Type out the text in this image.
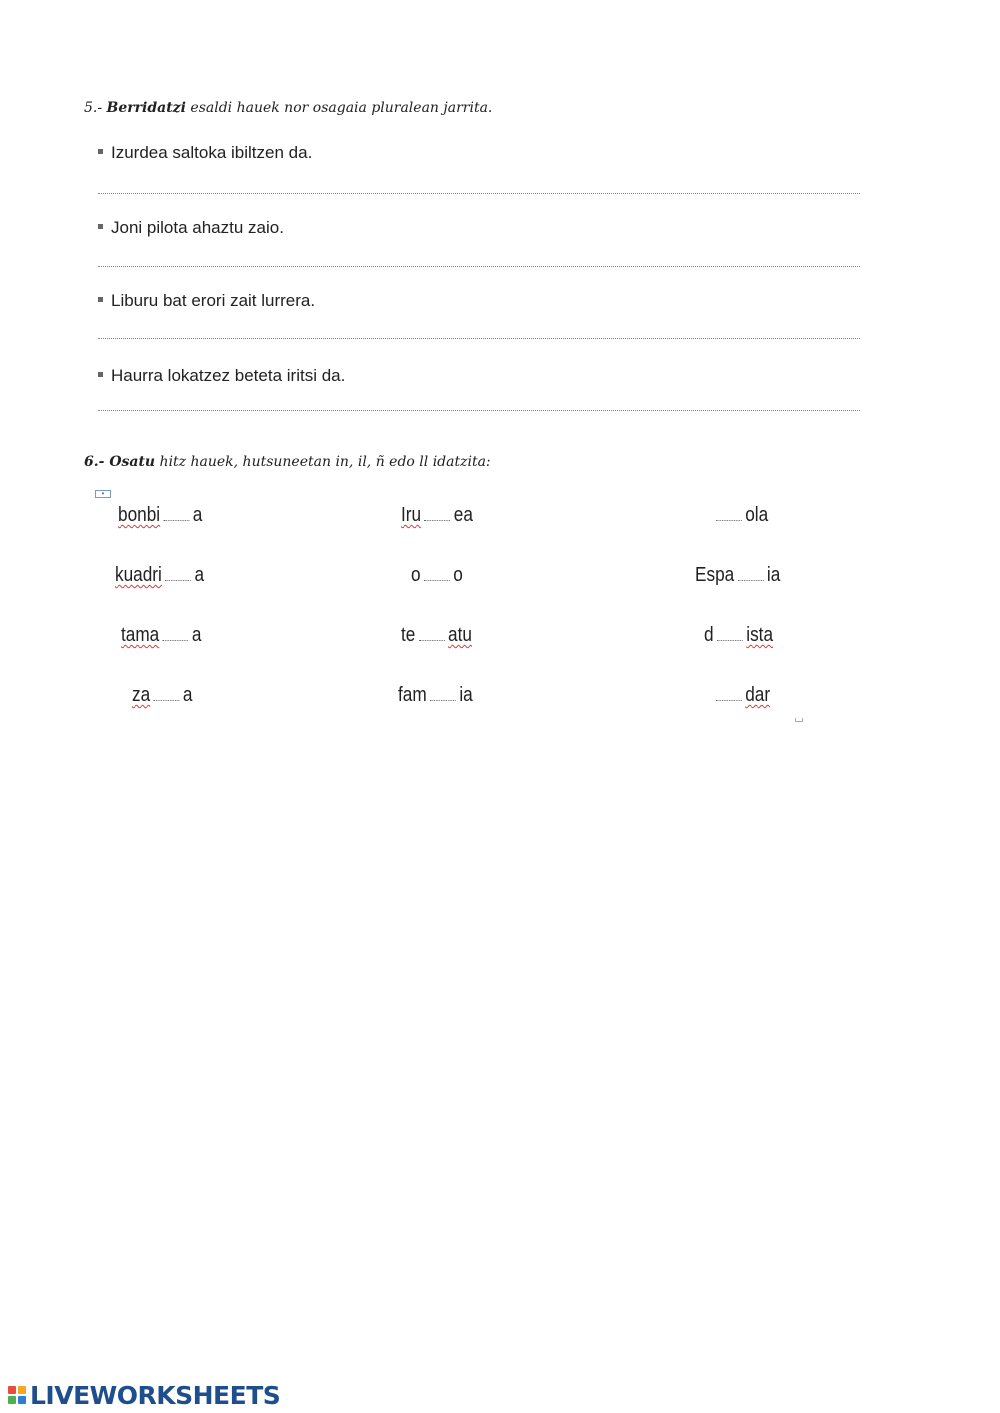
5.- Berridatzi esaldi hauek nor osagaia pluralean jarrita.
Izurdea saltoka ibiltzen da.
Joni pilota ahaztu zaio.
Liburu bat erori zait lurrera.
Haurra lokatzez beteta iritsi da.
6.- Osatu hitz hauek, hutsuneetan in, il, ñ edo ll idatzita:
▾
bonbi a	Iru ea	ola
kuadri a	o o	Espa ia
tama a	te atu	d ista
za a	fam ia	dar
LIVEWORKSHEETS
